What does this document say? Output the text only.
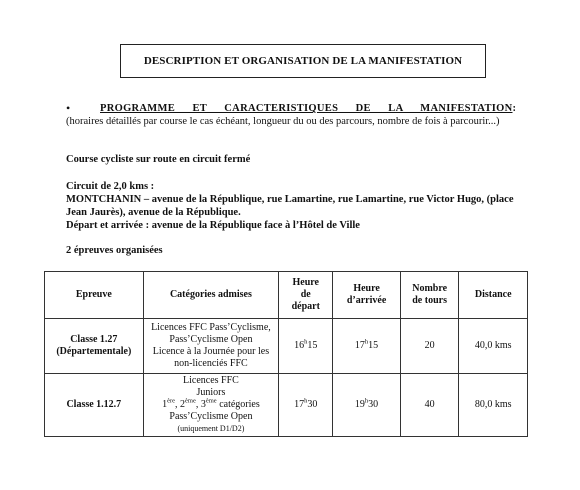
DESCRIPTION ET ORGANISATION DE LA MANIFESTATION
•	PROGRAMME ET CARACTERISTIQUES DE LA MANIFESTATION :
(horaires détaillés par course le cas échéant, longueur du ou des parcours, nombre de fois à parcourir...)

Course cycliste sur route en circuit fermé

Circuit de 2,0 kms :

MONTCHANIN – avenue de la République, rue Lamartine, rue Lamartine, rue Victor Hugo, (place Jean Jaurès), avenue de la République.

Départ et arrivée : avenue de la République face à l’Hôtel de Ville

2 épreuves organisées

Epreuve	Catégories admises	Heure
de
départ	Heure
d’arrivée	Nombre
de tours	Distance

Classe 1.27
(Départementale)	Licences FFC Pass’Cyclisme,
Pass’Cyclisme Open
Licence à la Journée pour les
non-licenciés FFC	16$^h$15	17$^h$15	20	40,0 kms
Classe 1.12.7	Licences FFC
Juniors
1ère, 2ème, 3ème catégories
Pass’Cyclisme Open
(uniquement D1/D2)	17$^h$30	19$^h$30	40	80,0 kms
